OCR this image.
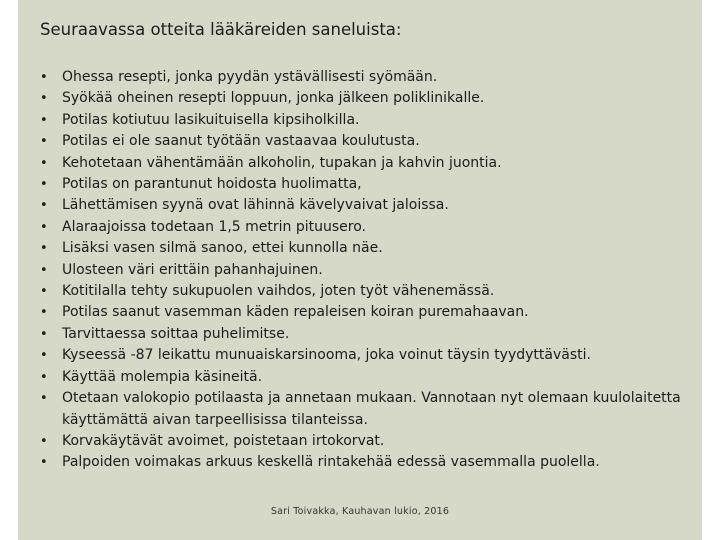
Seuraavassa otteita lääkäreiden saneluista:
• Ohessa resepti, jonka pyydän ystävällisesti syömään.
• Syökää oheinen resepti loppuun, jonka jälkeen poliklinikalle.
• Potilas kotiutuu lasikuituisella kipsiholkilla.
• Potilas ei ole saanut työtään vastaavaa koulutusta.
• Kehotetaan vähentämään alkoholin, tupakan ja kahvin juontia.
• Potilas on parantunut hoidosta huolimatta,
• Lähettämisen syynä ovat lähinnä kävelyvaivat jaloissa.
• Alaraajoissa todetaan 1,5 metrin pituusero.
• Lisäksi vasen silmä sanoo, ettei kunnolla näe.
• Ulosteen väri erittäin pahanhajuinen.
• Kotitilalla tehty sukupuolen vaihdos, joten työt vähenemässä.
• Potilas saanut vasemman käden repaleisen koiran puremahaavan.
• Tarvittaessa soittaa puhelimitse.
• Kyseessä -87 leikattu munuaiskarsinooma, joka voinut täysin tyydyttävästi.
• Käyttää molempia käsineitä.
• Otetaan valokopio potilaasta ja annetaan mukaan. Vannotaan nyt olemaan kuulolaitetta käyttämättä aivan tarpeellisissa tilanteissa.
• Korvakäytävät avoimet, poistetaan irtokorvat.
• Palpoiden voimakas arkuus keskellä rintakehää edessä vasemmalla puolella.
Sari Toivakka, Kauhavan lukio, 2016
